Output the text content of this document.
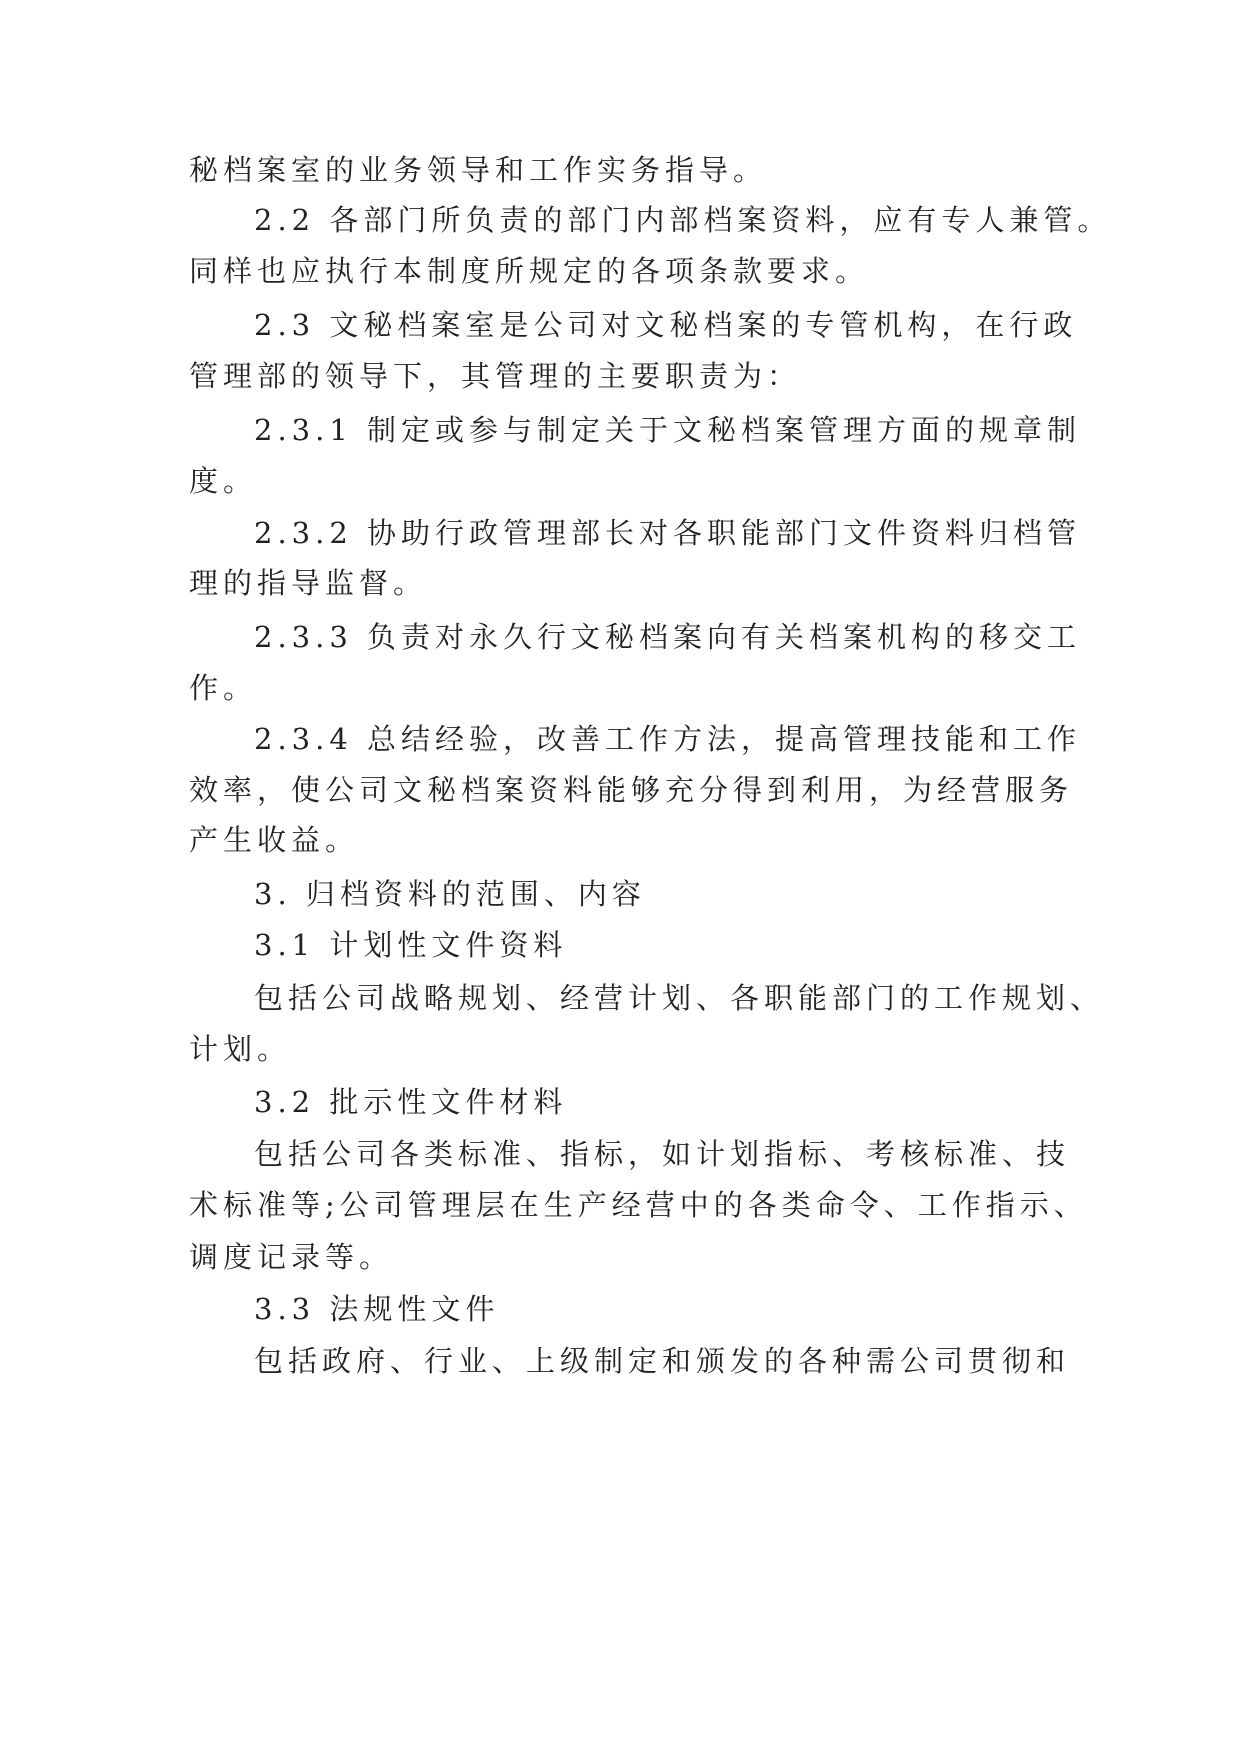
秘档案室的业务领导和工作实务指导。
2.2 各部门所负责的部门内部档案资料，应有专人兼管。
同样也应执行本制度所规定的各项条款要求。
2.3 文秘档案室是公司对文秘档案的专管机构，在行政
管理部的领导下，其管理的主要职责为：
2.3.1 制定或参与制定关于文秘档案管理方面的规章制
度。
2.3.2 协助行政管理部长对各职能部门文件资料归档管
理的指导监督。
2.3.3 负责对永久行文秘档案向有关档案机构的移交工
作。
2.3.4 总结经验，改善工作方法，提高管理技能和工作
效率，使公司文秘档案资料能够充分得到利用，为经营服务
产生收益。
3. 归档资料的范围、内容
3.1 计划性文件资料
包括公司战略规划、经营计划、各职能部门的工作规划、
计划。
3.2 批示性文件材料
包括公司各类标准、指标，如计划指标、考核标准、技
术标准等;公司管理层在生产经营中的各类命令、工作指示、
调度记录等。
3.3 法规性文件
包括政府、行业、上级制定和颁发的各种需公司贯彻和
